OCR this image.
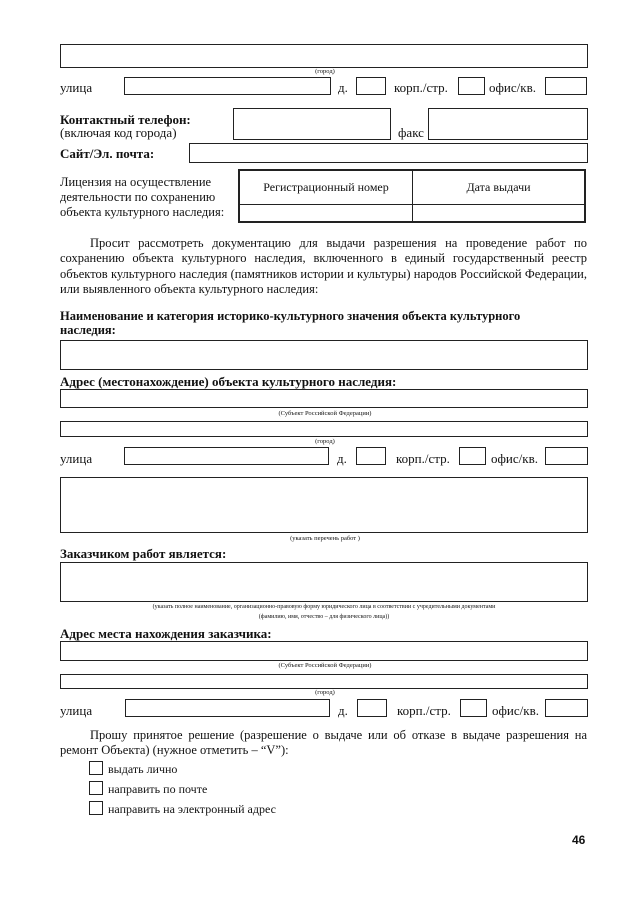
(город)
улица	д.	корп./стр.	офис/кв.
Контактный телефон:
(включая код города)	факс
Сайт/Эл. почта:
Лицензия на осуществление
деятельности по сохранению
объекта культурного наследия:
Регистрационный номер	Дата выдачи

Просит рассмотреть документацию для выдачи разрешения на проведение работ по сохранению объекта культурного наследия, включенного в единый государственный реестр объектов культурного наследия (памятников истории и культуры) народов Российской Федерации, или выявленного объекта культурного наследия:
Наименование и категория историко-культурного значения объекта культурного
наследия:
Адрес (местонахождение) объекта культурного наследия:
(Субъект Российской Федерации)
(город)
улица	д.	корп./стр.	офис/кв.
(указать перечень работ )
Заказчиком работ является:
(указать полное наименование, организационно-правовую форму юридического лица в соответствии с учредительными документами
(фамилию, имя, отчество – для физического лица))
Адрес места нахождения заказчика:
(Субъект Российской Федерации)
(город)
улица	д.	корп./стр.	офис/кв.
Прошу принятое решение (разрешение о выдаче или об отказе в выдаче разрешения на ремонт Объекта) (нужное отметить – “V”):
выдать лично
направить по почте
направить на электронный адрес
46
